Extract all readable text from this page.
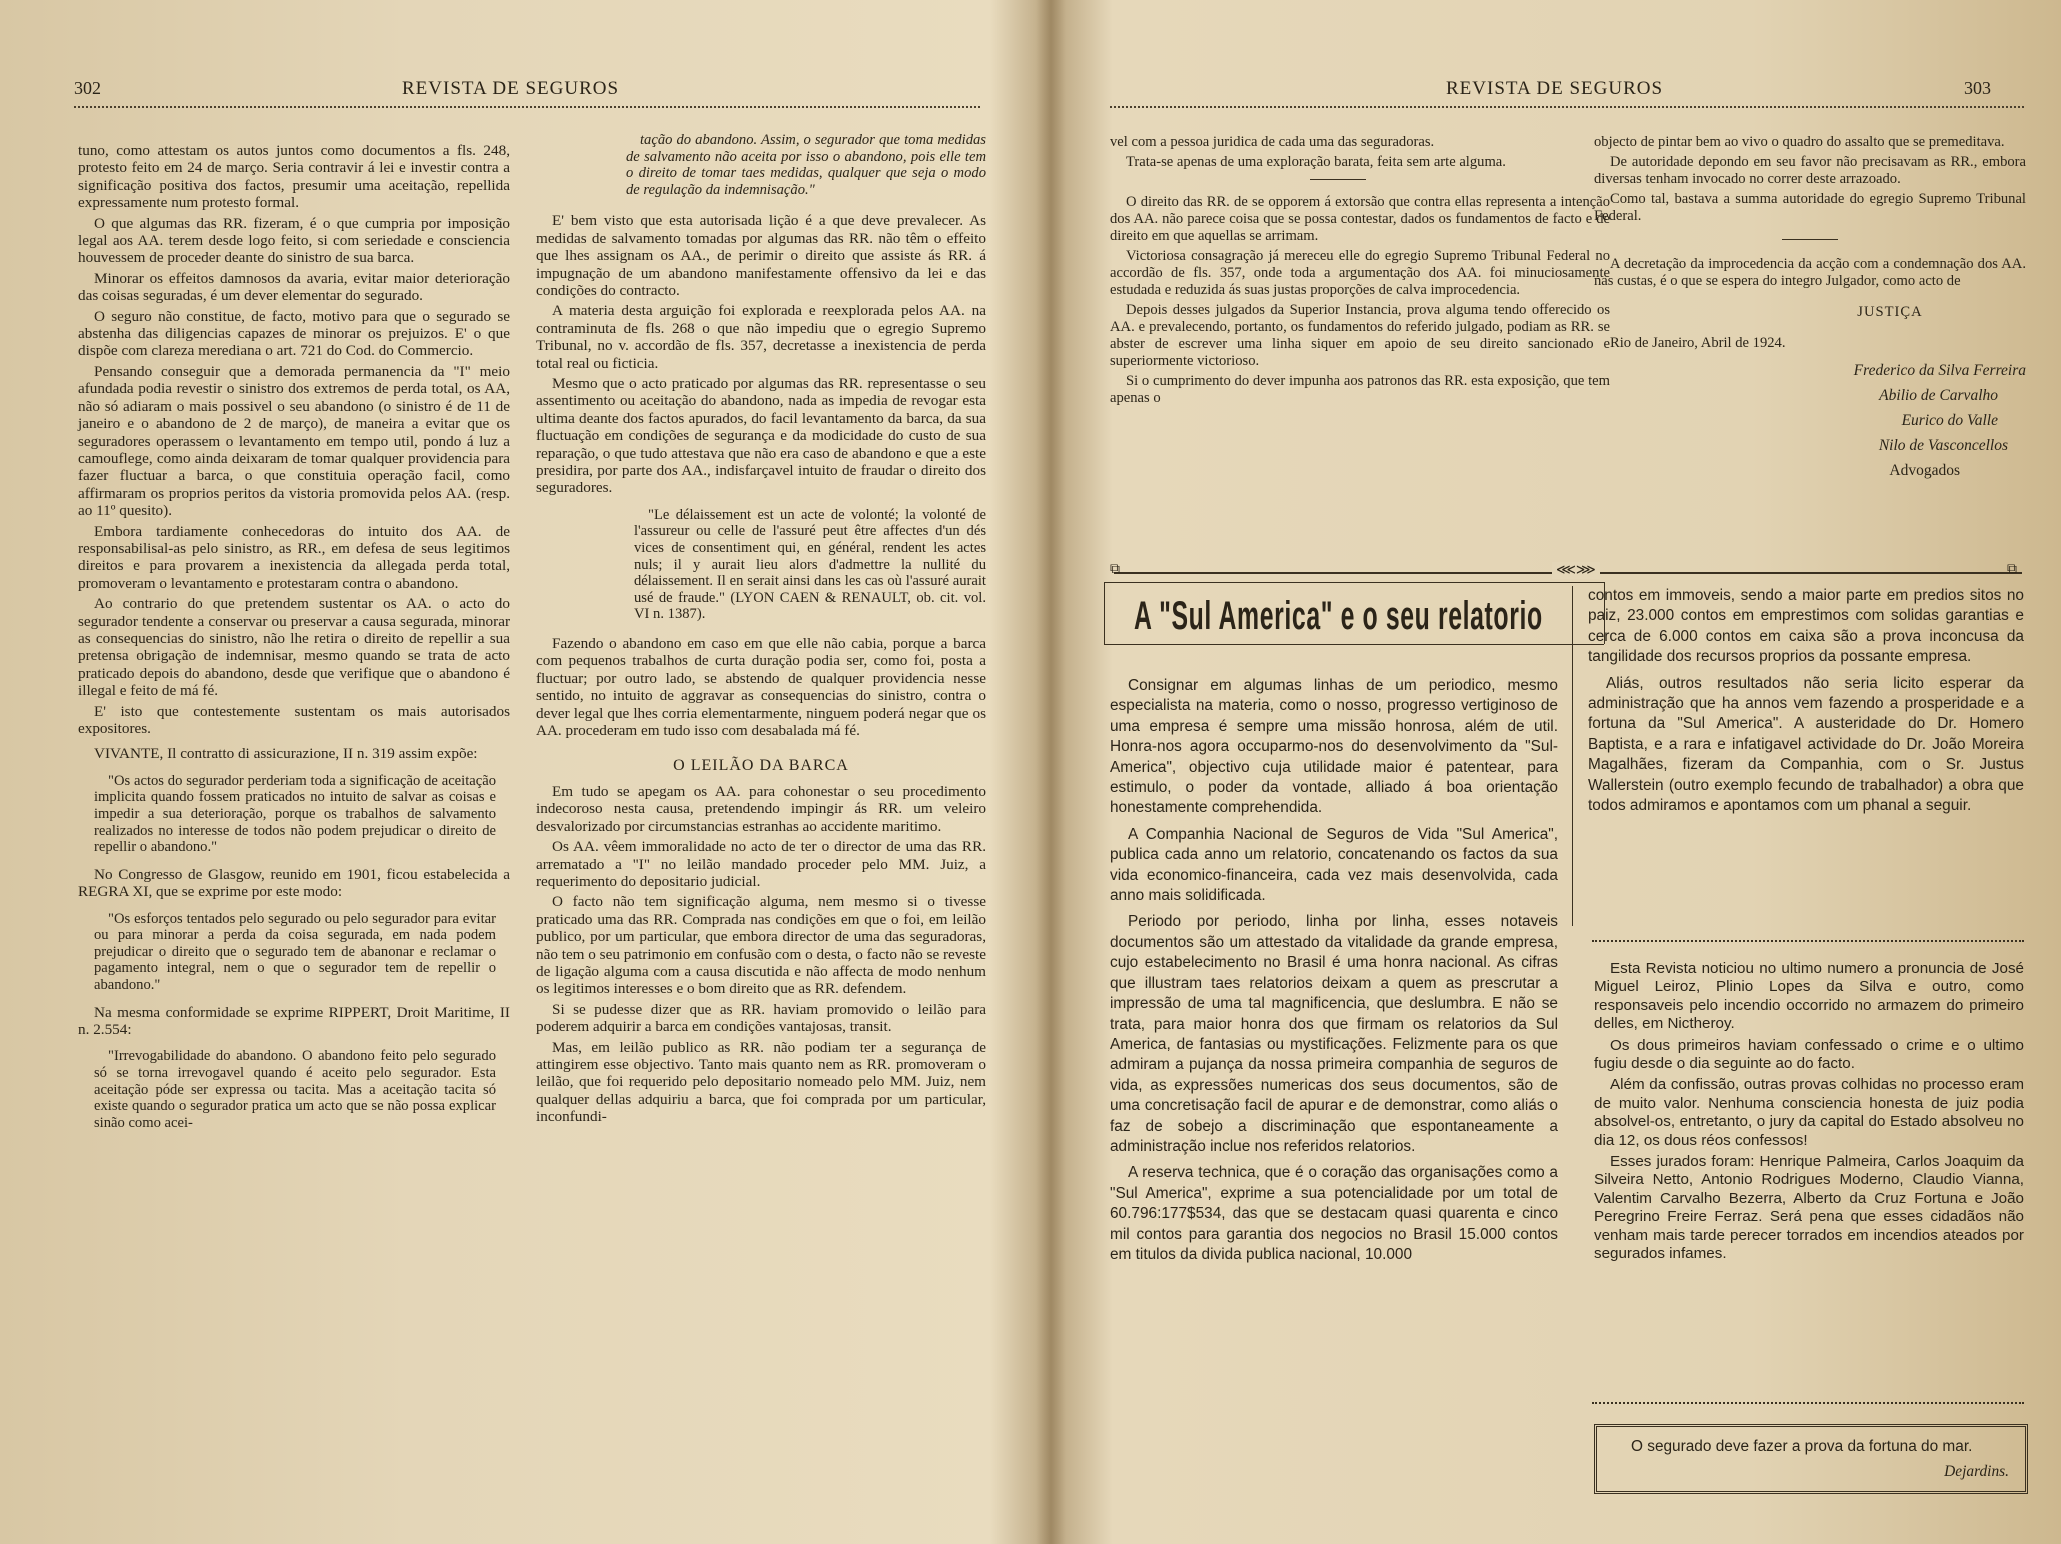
302	REVISTA DE SEGUROS

tuno, como attestam os autos juntos como documentos a fls. 248, protesto feito em 24 de março. Seria contravir á lei e investir contra a significação positiva dos factos, presumir uma aceitação, repellida expressamente num protesto formal.

O que algumas das RR. fizeram, é o que cumpria por imposição legal aos AA. terem desde logo feito, si com seriedade e consciencia houvessem de proceder deante do sinistro de sua barca.

Minorar os effeitos damnosos da avaria, evitar maior deterioração das coisas seguradas, é um dever elementar do segurado.

O seguro não constitue, de facto, motivo para que o segurado se abstenha das diligencias capazes de minorar os prejuizos. E' o que dispõe com clareza merediana o art. 721 do Cod. do Commercio.

Pensando conseguir que a demorada permanencia da "I" meio afundada podia revestir o sinistro dos extremos de perda total, os AA, não só adiaram o mais possivel o seu abandono (o sinistro é de 11 de janeiro e o abandono de 2 de março), de maneira a evitar que os seguradores operassem o levantamento em tempo util, pondo á luz a camouflege, como ainda deixaram de tomar qualquer providencia para fazer fluctuar a barca, o que constituia operação facil, como affirmaram os proprios peritos da vistoria promovida pelos AA. (resp. ao 11º quesito).

Embora tardiamente conhecedoras do intuito dos AA. de responsabilisal-as pelo sinistro, as RR., em defesa de seus legitimos direitos e para provarem a inexistencia da allegada perda total, promoveram o levantamento e protestaram contra o abandono.

Ao contrario do que pretendem sustentar os AA. o acto do segurador tendente a conservar ou preservar a causa segurada, minorar as consequencias do sinistro, não lhe retira o direito de repellir a sua pretensa obrigação de indemnisar, mesmo quando se trata de acto praticado depois do abandono, desde que verifique que o abandono é illegal e feito de má fé.

E' isto que contestemente sustentam os mais autorisados expositores.

VIVANTE, Il contratto di assicurazione, II n. 319 assim expõe:

"Os actos do segurador perderiam toda a significação de aceitação implicita quando fossem praticados no intuito de salvar as coisas e impedir a sua deterioração, porque os trabalhos de salvamento realizados no interesse de todos não podem prejudicar o direito de repellir o abandono."

No Congresso de Glasgow, reunido em 1901, ficou estabelecida a REGRA XI, que se exprime por este modo:

"Os esforços tentados pelo segurado ou pelo segurador para evitar ou para minorar a perda da coisa segurada, em nada podem prejudicar o direito que o segurado tem de abanonar e reclamar o pagamento integral, nem o que o segurador tem de repellir o abandono."

Na mesma conformidade se exprime RIPPERT, Droit Maritime, II n. 2.554:

"Irrevogabilidade do abandono. O abandono feito pelo segurado só se torna irrevogavel quando é aceito pelo segurador. Esta aceitação póde ser expressa ou tacita. Mas a aceitação tacita só existe quando o segurador pratica um acto que se não possa explicar sinão como acei-

tação do abandono. Assim, o segurador que toma medidas de salvamento não aceita por isso o abandono, pois elle tem o direito de tomar taes medidas, qualquer que seja o modo de regulação da indemnisação."

E' bem visto que esta autorisada lição é a que deve prevalecer. As medidas de salvamento tomadas por algumas das RR. não têm o effeito que lhes assignam os AA., de perimir o direito que assiste ás RR. á impugnação de um abandono manifestamente offensivo da lei e das condições do contracto.

A materia desta arguição foi explorada e reexplorada pelos AA. na contraminuta de fls. 268 o que não impediu que o egregio Supremo Tribunal, no v. accordão de fls. 357, decretasse a inexistencia de perda total real ou ficticia.

Mesmo que o acto praticado por algumas das RR. representasse o seu assentimento ou aceitação do abandono, nada as impedia de revogar esta ultima deante dos factos apurados, do facil levantamento da barca, da sua fluctuação em condições de segurança e da modicidade do custo de sua reparação, o que tudo attestava que não era caso de abandono e que a este presidira, por parte dos AA., indisfarçavel intuito de fraudar o direito dos seguradores.

"Le délaissement est un acte de volonté; la volonté de l'assureur ou celle de l'assuré peut être affectes d'un dés vices de consentiment qui, en général, rendent les actes nuls; il y aurait lieu alors d'admettre la nullité du délaissement. Il en serait ainsi dans les cas où l'assuré aurait usé de fraude." (LYON CAEN & RENAULT, ob. cit. vol. VI n. 1387).

Fazendo o abandono em caso em que elle não cabia, porque a barca com pequenos trabalhos de curta duração podia ser, como foi, posta a fluctuar; por outro lado, se abstendo de qualquer providencia nesse sentido, no intuito de aggravar as consequencias do sinistro, contra o dever legal que lhes corria elementarmente, ninguem poderá negar que os AA. procederam em tudo isso com desabalada má fé.

O LEILÃO DA BARCA

Em tudo se apegam os AA. para cohonestar o seu procedimento indecoroso nesta causa, pretendendo impingir ás RR. um veleiro desvalorizado por circumstancias estranhas ao accidente maritimo.

Os AA. vêem immoralidade no acto de ter o director de uma das RR. arrematado a "I" no leilão mandado proceder pelo MM. Juiz, a requerimento do depositario judicial.

O facto não tem significação alguma, nem mesmo si o tivesse praticado uma das RR. Comprada nas condições em que o foi, em leilão publico, por um particular, que embora director de uma das seguradoras, não tem o seu patrimonio em confusão com o desta, o facto não se reveste de ligação alguma com a causa discutida e não affecta de modo nenhum os legitimos interesses e o bom direito que as RR. defendem.

Si se pudesse dizer que as RR. haviam promovido o leilão para poderem adquirir a barca em condições vantajosas, transit.

Mas, em leilão publico as RR. não podiam ter a segurança de attingirem esse objectivo. Tanto mais quanto nem as RR. promoveram o leilão, que foi requerido pelo depositario nomeado pelo MM. Juiz, nem qualquer dellas adquiriu a barca, que foi comprada por um particular, inconfundi-

REVISTA DE SEGUROS	303

vel com a pessoa juridica de cada uma das seguradoras.

Trata-se apenas de uma exploração barata, feita sem arte alguma.

O direito das RR. de se opporem á extorsão que contra ellas representa a intenção dos AA. não parece coisa que se possa contestar, dados os fundamentos de facto e de direito em que aquellas se arrimam.

Victoriosa consagração já mereceu elle do egregio Supremo Tribunal Federal no accordão de fls. 357, onde toda a argumentação dos AA. foi minuciosamente estudada e reduzida ás suas justas proporções de calva improcedencia.

Depois desses julgados da Superior Instancia, prova alguma tendo offerecido os AA. e prevalecendo, portanto, os fundamentos do referido julgado, podiam as RR. se abster de escrever uma linha siquer em apoio de seu direito sancionado e superiormente victorioso.

Si o cumprimento do dever impunha aos patronos das RR. esta exposição, que tem apenas o

objecto de pintar bem ao vivo o quadro do assalto que se premeditava.

De autoridade depondo em seu favor não precisavam as RR., embora diversas tenham invocado no correr deste arrazoado.

Como tal, bastava a summa autoridade do egregio Supremo Tribunal Federal.

A decretação da improcedencia da acção com a condemnação dos AA. nas custas, é o que se espera do integro Julgador, como acto de

JUSTIÇA

Rio de Janeiro, Abril de 1924.

Frederico da Silva Ferreira
Abilio de Carvalho
Eurico do Valle
Nilo de Vasconcellos
Advogados
⧉	⧉
⋘⋙
A "Sul America" e o seu relatorio

Consignar em algumas linhas de um periodico, mesmo especialista na materia, como o nosso, progresso vertiginoso de uma empresa é sempre uma missão honrosa, além de util. Honra-nos agora occuparmo-nos do desenvolvimento da "Sul-America", objectivo cuja utilidade maior é patentear, para estimulo, o poder da vontade, alliado á boa orientação honestamente comprehendida.

A Companhia Nacional de Seguros de Vida "Sul America", publica cada anno um relatorio, concatenando os factos da sua vida economico-financeira, cada vez mais desenvolvida, cada anno mais solidificada.

Periodo por periodo, linha por linha, esses notaveis documentos são um attestado da vitalidade da grande empresa, cujo estabelecimento no Brasil é uma honra nacional. As cifras que illustram taes relatorios deixam a quem as prescrutar a impressão de uma tal magnificencia, que deslumbra. E não se trata, para maior honra dos que firmam os relatorios da Sul America, de fantasias ou mystificações. Felizmente para os que admiram a pujança da nossa primeira companhia de seguros de vida, as expressões numericas dos seus documentos, são de uma concretisação facil de apurar e de demonstrar, como aliás o faz de sobejo a discriminação que espontaneamente a administração inclue nos referidos relatorios.

A reserva technica, que é o coração das organisações como a "Sul America", exprime a sua potencialidade por um total de 60.796:177$534, das que se destacam quasi quarenta e cinco mil contos para garantia dos negocios no Brasil 15.000 contos em titulos da divida publica nacional, 10.000

contos em immoveis, sendo a maior parte em predios sitos no paiz, 23.000 contos em emprestimos com solidas garantias e cerca de 6.000 contos em caixa são a prova inconcusa da tangilidade dos recursos proprios da possante empresa.

Aliás, outros resultados não seria licito esperar da administração que ha annos vem fazendo a prosperidade e a fortuna da "Sul America". A austeridade do Dr. Homero Baptista, e a rara e infatigavel actividade do Dr. João Moreira Magalhães, fizeram da Companhia, com o Sr. Justus Wallerstein (outro exemplo fecundo de trabalhador) a obra que todos admiramos e apontamos com um phanal a seguir.

Esta Revista noticiou no ultimo numero a pronuncia de José Miguel Leiroz, Plinio Lopes da Silva e outro, como responsaveis pelo incendio occorrido no armazem do primeiro delles, em Nictheroy.

Os dous primeiros haviam confessado o crime e o ultimo fugiu desde o dia seguinte ao do facto.

Além da confissão, outras provas colhidas no processo eram de muito valor. Nenhuma consciencia honesta de juiz podia absolvel-os, entretanto, o jury da capital do Estado absolveu no dia 12, os dous réos confessos!

Esses jurados foram: Henrique Palmeira, Carlos Joaquim da Silveira Netto, Antonio Rodrigues Moderno, Claudio Vianna, Valentim Carvalho Bezerra, Alberto da Cruz Fortuna e João Peregrino Freire Ferraz. Será pena que esses cidadãos não venham mais tarde perecer torrados em incendios ateados por segurados infames.

O segurado deve fazer a prova da fortuna do mar.
Dejardins.
